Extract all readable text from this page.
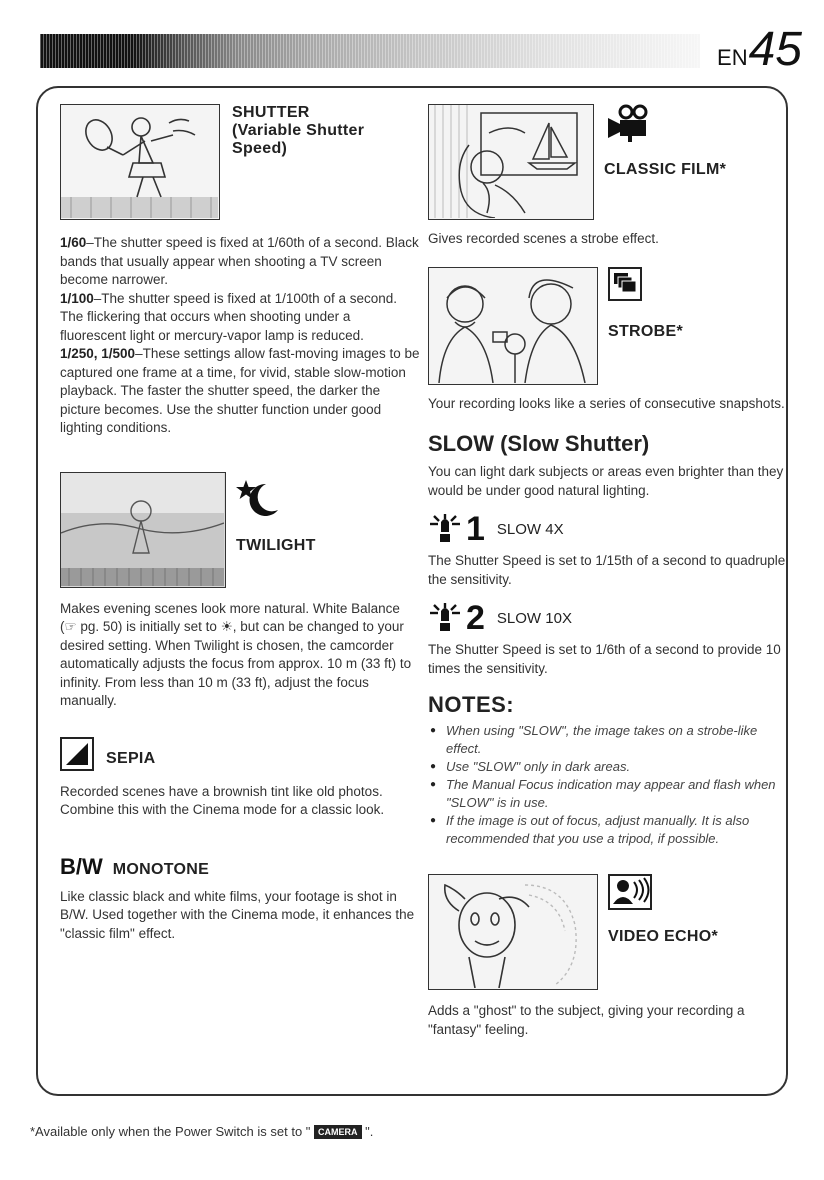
EN 45
SHUTTER
(Variable Shutter
Speed)

1/60–The shutter speed is fixed at 1/60th of a second. Black bands that usually appear when shooting a TV screen become narrower.

1/100–The shutter speed is fixed at 1/100th of a second. The flickering that occurs when shooting under a fluorescent light or mercury-vapor lamp is reduced.

1/250, 1/500–These settings allow fast-moving images to be captured one frame at a time, for vivid, stable slow-motion playback. The faster the shutter speed, the darker the picture becomes. Use the shutter function under good lighting conditions.

TWILIGHT

Makes evening scenes look more natural. White Balance (☞ pg. 50) is initially set to ☀, but can be changed to your desired setting. When Twilight is chosen, the camcorder automatically adjusts the focus from approx. 10 m (33 ft) to infinity. From less than 10 m (33 ft), adjust the focus manually.

SEPIA

Recorded scenes have a brownish tint like old photos. Combine this with the Cinema mode for a classic look.

B/W MONOTONE

Like classic black and white films, your footage is shot in B/W. Used together with the Cinema mode, it enhances the "classic film" effect.

CLASSIC FILM*

Gives recorded scenes a strobe effect.

STROBE*

Your recording looks like a series of consecutive snapshots.

SLOW (Slow Shutter)

You can light dark subjects or areas even brighter than they would be under good natural lighting.

1 SLOW 4X

The Shutter Speed is set to 1/15th of a second to quadruple the sensitivity.

2 SLOW 10X

The Shutter Speed is set to 1/6th of a second to provide 10 times the sensitivity.

NOTES:
● When using "SLOW", the image takes on a strobe-like effect.
● Use "SLOW" only in dark areas.
● The Manual Focus indication may appear and flash when "SLOW" is in use.
● If the image is out of focus, adjust manually. It is also recommended that you use a tripod, if possible.
VIDEO ECHO*

Adds a "ghost" to the subject, giving your recording a "fantasy" feeling.

*Available only when the Power Switch is set to " CAMERA ".
